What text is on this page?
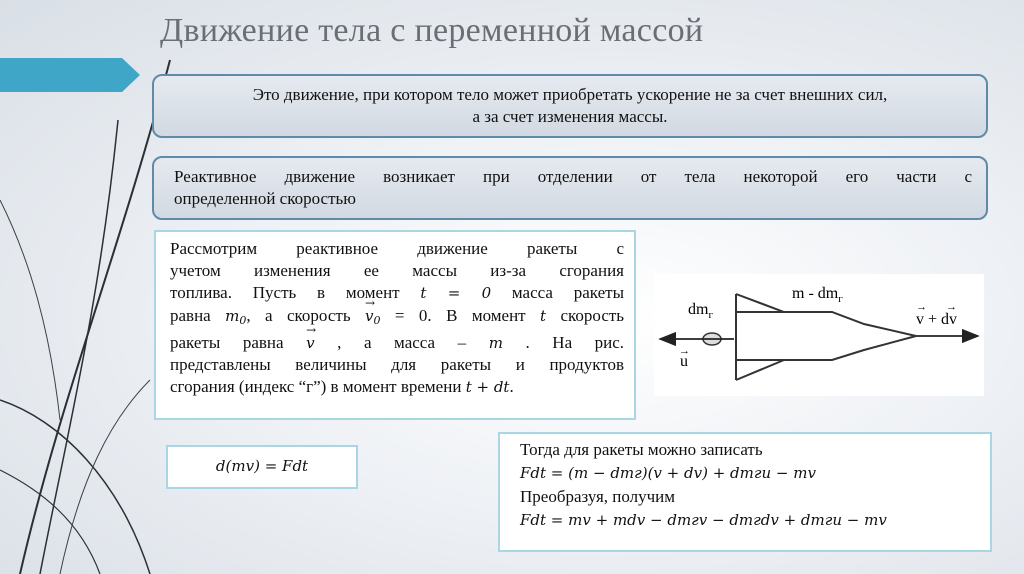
Движение тела с переменной массой
Это движение, при котором тело может приобретать ускорение не за счет внешних сил,
а за счет изменения массы.
Реактивное движение возникает при отделении от тела некоторой его части с
определенной скоростью
Рассмотрим реактивное движение ракеты с
учетом изменения ее массы из-за сгорания
топлива. Пусть в момент t = 0 масса ракеты
равна $m_0$, а скорость → $v_0 = 0$. В момент t скорость
ракеты равна → v , а масса – m . На рис.
представлены величины для ракеты и продуктов
сгорания (индекс “г”) в момент времени t + dt.
$dm_г$
m - $dm_г$
v + dv
→ →
u
→
d(mv) = Fdt
Тогда для ракеты можно записать
Fdt = (m − dmг)(v + dv) + dmгu − mv
Преобразуя, получим
Fdt = mv + mdv − dmгv − dmгdv + dmгu − mv
